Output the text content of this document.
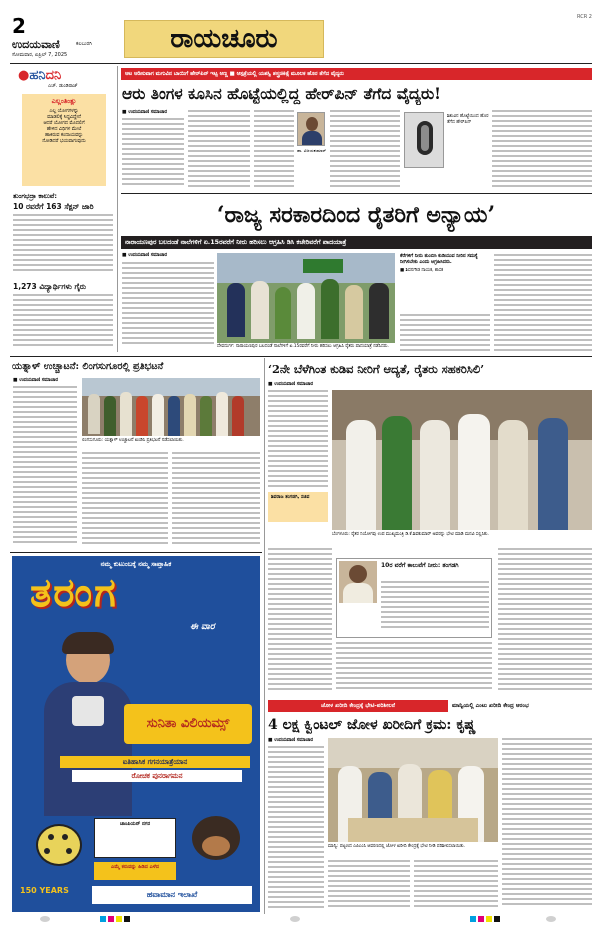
2
ಉದಯವಾಣಿ	ಕಲಬುರಗಿ
ಸೋಮವಾರ, ಏಪ್ರಿಲ್ 7, 2025
ರಾಯಚೂರು
RCR 2
●ಹನಿದನಿ
ಎಚ್. ಡುಂಡಿರಾಜ್
ಎಲ್ಲಂತಿಂತ್ಲು
ಎಲ್ಲ ಯೋಗಗಳನ್ನು
ಮಾಡಲಿಕ್ಕೆ ಸಿದ್ಧವಿದ್ದೇನೆ
ಆದರೆ ಯೋಗದ ಮೊದಲಿಗೆ
ಹೇಳಿದ ವಿಧಿಗಳ ಮೇಲೆ
ಹಾಕಿರುವ ಕಂದಾಯವನ್ನು
ನೋಡಿದರೆ ಭಯವಾಗುವುದು
ತುಂಗಭದ್ರಾ ಕಾಲುವೆ:
10 ರವರೆಗೆ 163 ಸೆಕ್ಷನ್ ಜಾರಿ
1,273 ವಿದ್ಯಾರ್ಥಿಗಳು ಗೈರು
ಆಟ ಆಡಿಸುವಾಗ ಮಗುವಿನ ಬಾಯಿಗೆ ಹೇರ್‌ಪಿನ್ ಇಟ್ಟ ಅಣ್ಣ ■ ಆಸ್ಪತ್ರೆಯಲ್ಲಿ ಯಶಸ್ವಿ ಶಸ್ತ್ರಚಿಕಿತ್ಸೆ ಮೂಲಕ ಹೊರ ತೆಗೆದ ವೈದ್ಯರು
ಆರು ತಿಂಗಳ ಕೂಸಿನ ಹೊಟ್ಟೆಯಲ್ಲಿದ್ದ ಹೇರ್‌ಪಿನ್ ತೆಗೆದ ವೈದ್ಯರು!
■ ಉದಯವಾಣಿ ಸಮಾಚಾರ
ಡಾ. ವಿಜಯಕುಮಾರ್
ಶಿಶುವಿನ ಹೊಟ್ಟೆಯಿಂದ ಹೊರ ತೆಗೆದ ಹೇರ್‌ಪಿನ್
‘ರಾಜ್ಯ ಸರಕಾರದಿಂದ ರೈತರಿಗೆ ಅನ್ಯಾಯ’
ನಾರಾಯಣಪುರ ಬಲದಂಡೆ ನಾಲೆಗಳಿಗೆ ಏ.15ರವರೆಗೆ ನೀರು ಹರಿಸಲು ಆಗ್ರಹಿಸಿ ಡಿಸಿ ಕಚೇರಿವರೆಗೆ ಪಾದಯಾತ್ರೆ
■ ಉದಯವಾಣಿ ಸಮಾಚಾರ
ದೇವದುರ್ಗ: ನಾರಾಯಣಪುರ ಬಲದಂಡೆ ನಾಲೆಗಳಿಗೆ ಏ.15ರವರೆಗೆ ನೀರು ಹರಿಸಲು ಆಗ್ರಹಿಸಿ ರೈತರು ಪಾದಯಾತ್ರೆ ನಡೆಸಿದರು.
ಕೆರೆಗಳಿಗೆ ನೀರು ತುಂಬಿಸಿ ಕುಡಿಯುವ ನೀರಿನ ಸಮಸ್ಯೆ ನೀಗಿಸಬೇಕು ಎಂದು ಆಗ್ರಹಿಸಿದರು.
■ ಶಿವನಗೌಡ ನಾಯಕ, ಶಾಸಕ
ಯತ್ನಾಳ್ ಉಚ್ಚಾಟನೆ: ಲಿಂಗಸುಗೂರಲ್ಲಿ ಪ್ರತಿಭಟನೆ
■ ಉದಯವಾಣಿ ಸಮಾಚಾರ
ಲಿಂಗಸುಗೂರು: ಯತ್ನಾಳ್ ಉಚ್ಚಾಟನೆ ಖಂಡಿಸಿ ಪ್ರತಿಭಟನೆ ನಡೆಸಲಾಯಿತು.
ನಮ್ಮ ಕುಟುಂಬಕ್ಕೆ ನಮ್ಮ ಸಾಪ್ತಾಹಿಕ
ತರಂಗ
ಈ ವಾರ
ಸುನಿತಾ ವಿಲಿಯಮ್ಸ್
ಐತಿಹಾಸಿಕ ಗಗನಯಾತ್ರೆಯಾನ
ರೋಚಕ ಪುನರಾಗಮನ
ಚಾಂಪಿಯನ್ ನಗರ
ಎಮ್ಮೆ ಕರುವನ್ನು ಹಿಡಿದ ಎಳೆದ
150 YEARS	ಹವಾಮಾನ ಇಲಾಖೆ
‘2ನೇ ಬೆಳೆಗಿಂತ ಕುಡಿವ ನೀರಿಗೆ ಆದ್ಯತೆ, ರೈತರು ಸಹಕರಿಸಿಲಿ’
■ ಉದಯವಾಣಿ ಸಮಾಚಾರ
ಶಿವರಾಜ ತಂಗಡಗಿ, ಸಚಿವ
ಬೆಂಗಳೂರು: ರೈತರ ನಿಯೋಗವು ಉಪ ಮುಖ್ಯಮಂತ್ರಿ ಡಿ.ಕೆ.ಶಿವಕುಮಾರ್ ಅವರನ್ನು ಭೇಟಿ ಮಾಡಿ ಮನವಿ ಸಲ್ಲಿಸಿತು.
10ರ ವರೆಗೆ ಕಾಲುವೆಗೆ ನೀರು: ತಂಗಡಗಿ
ಜೋಳ ಖರೀದಿ ಕೇಂದ್ರಕ್ಕೆ ಭೇಟಿ-ಪರಿಶೀಲನೆ	ಮಾನ್ವಿಯಲ್ಲಿ ಎಂಟು ಖರೀದಿ ಕೇಂದ್ರ ಆರಂಭ
4 ಲಕ್ಷ ಕ್ವಿಂಟಲ್ ಜೋಳ ಖರೀದಿಗೆ ಕ್ರಮ: ಕೃಷ್ಣ
■ ಉದಯವಾಣಿ ಸಮಾಚಾರ
ಮಾನ್ವಿ: ಪಟ್ಟಣದ ಎಪಿಎಂಸಿ ಆವರಣದಲ್ಲಿ ಜೋಳ ಖರೀದಿ ಕೇಂದ್ರಕ್ಕೆ ಭೇಟಿ ನೀಡಿ ಪರಿಶೀಲಿಸಲಾಯಿತು.
